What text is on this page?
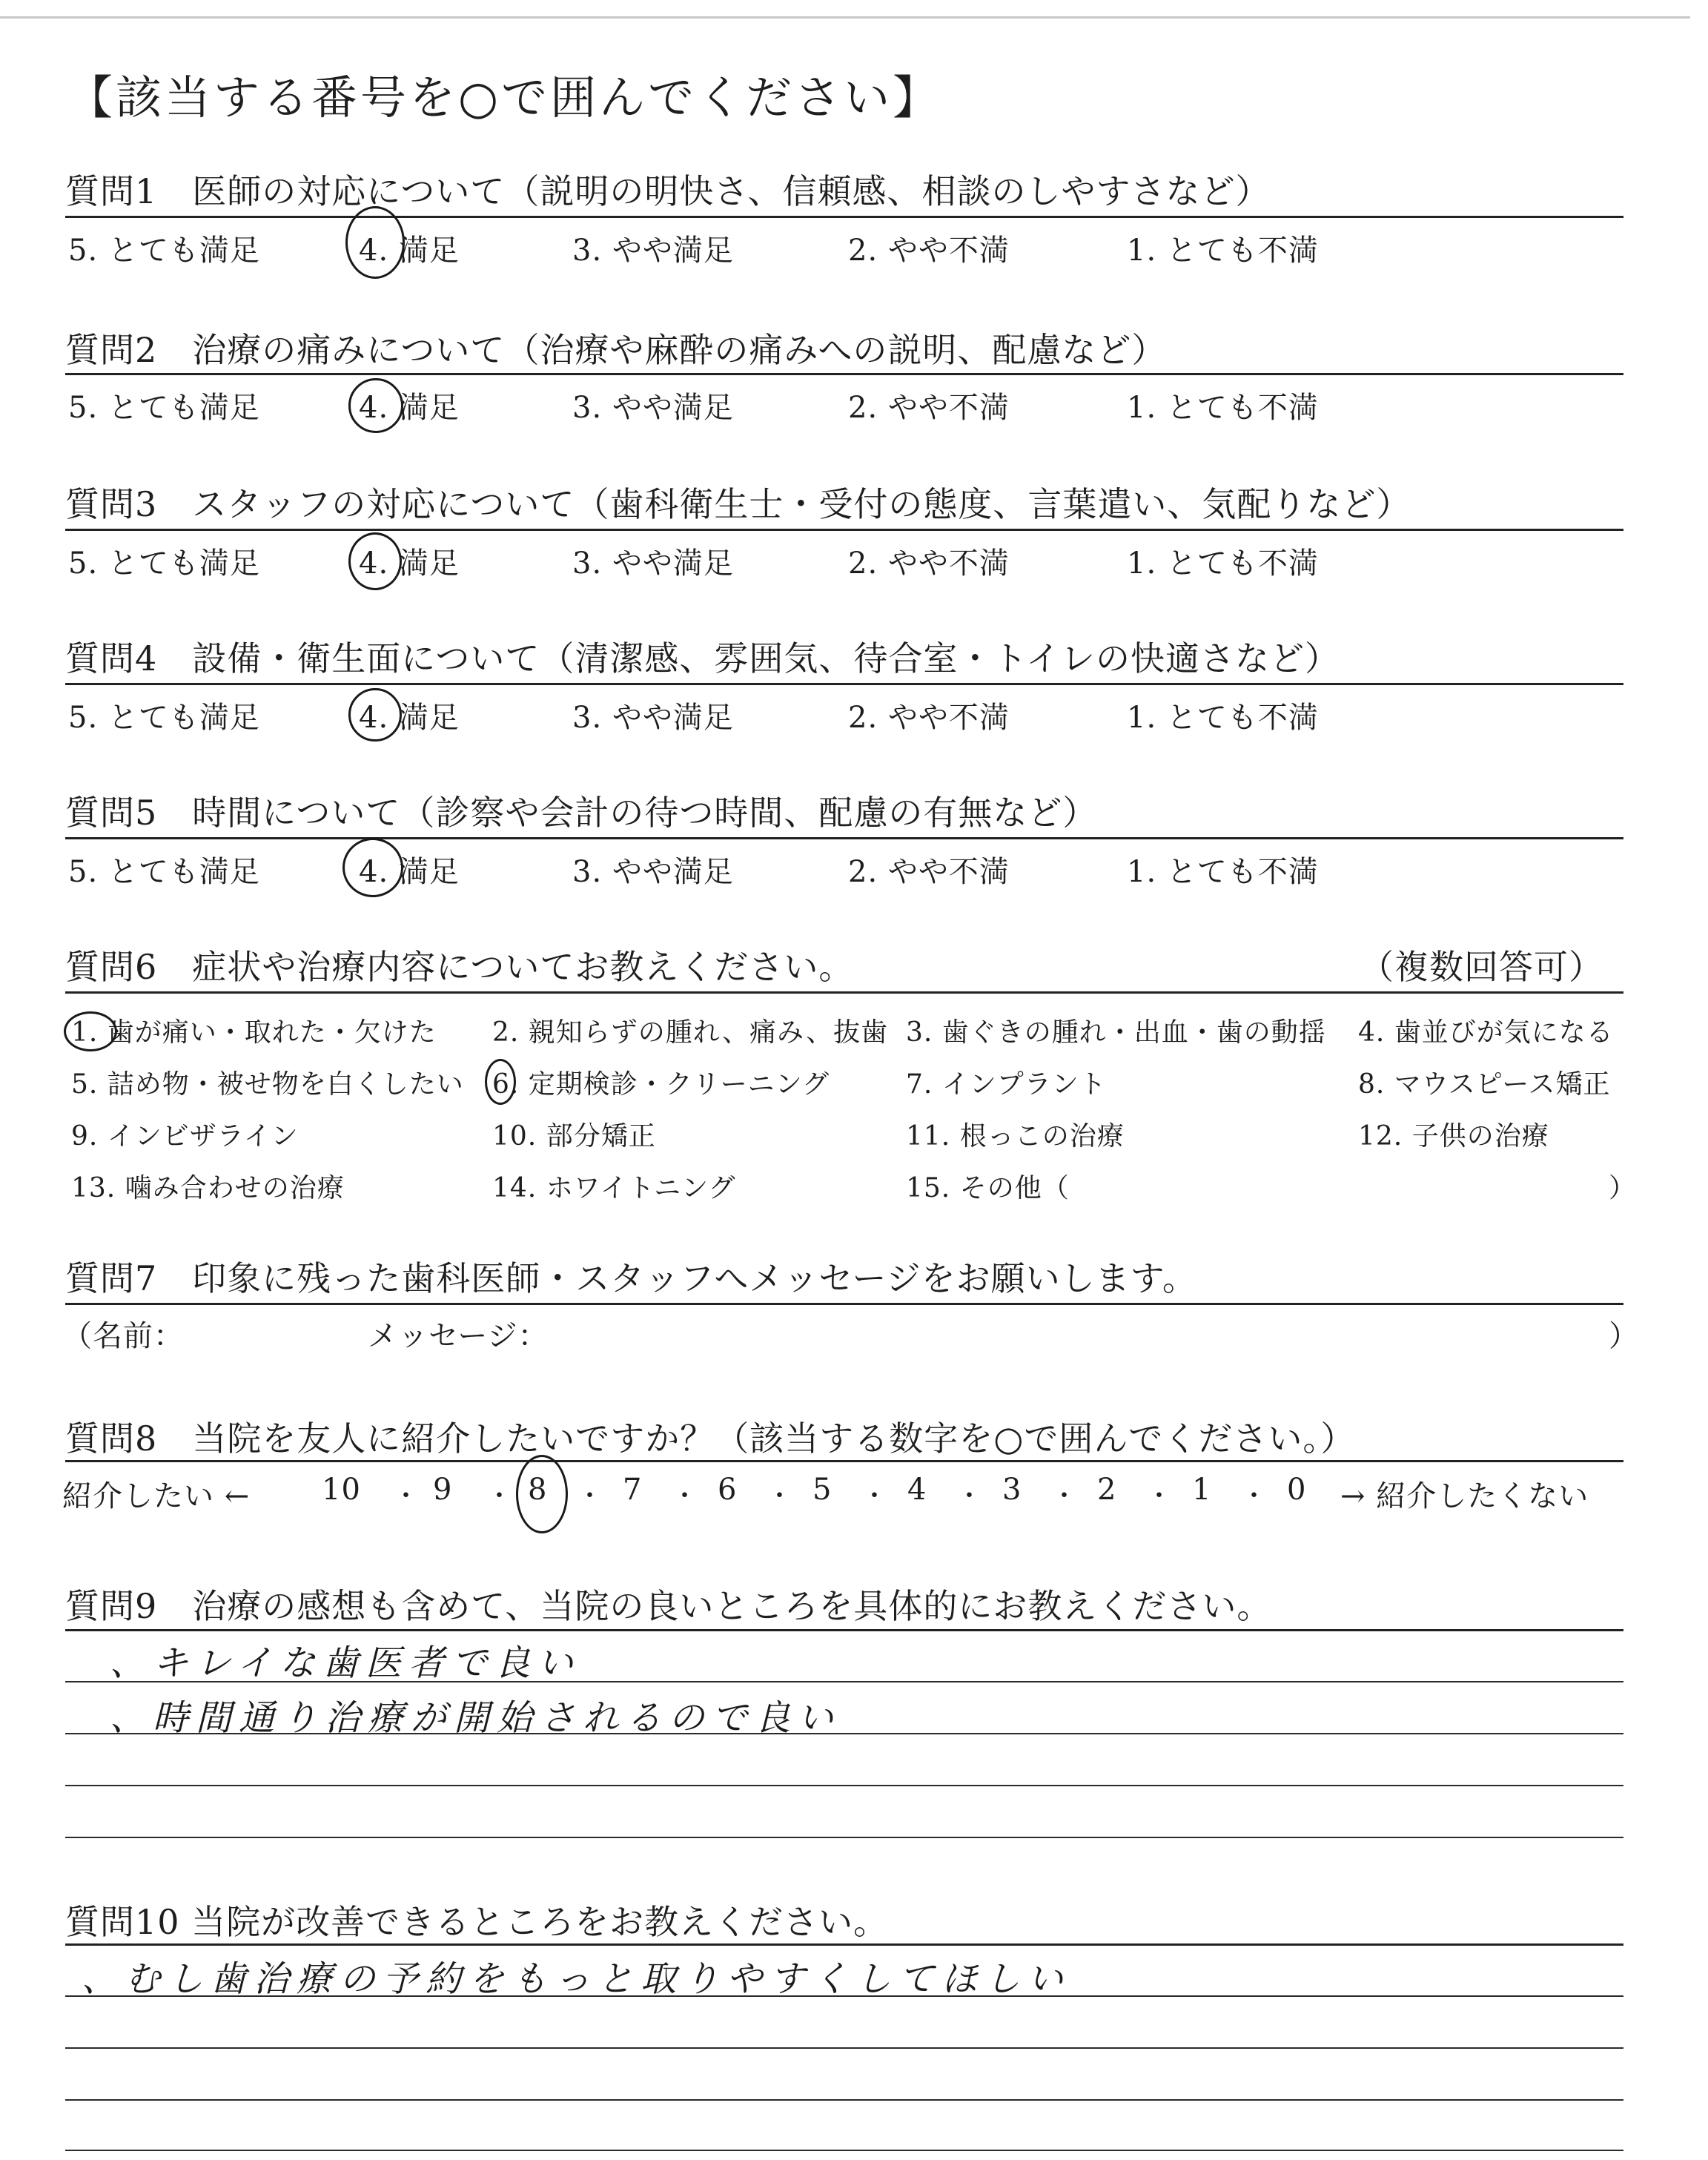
【該当する番号を○で囲んでください】
質問1　医師の対応について（説明の明快さ、信頼感、相談のしやすさなど）
5. とても満足	4. 満足	3. やや満足	2. やや不満	1. とても不満
質問2　治療の痛みについて（治療や麻酔の痛みへの説明、配慮など）
5. とても満足	4. 満足	3. やや満足	2. やや不満	1. とても不満
質問3　スタッフの対応について（歯科衛生士・受付の態度、言葉遣い、気配りなど）
5. とても満足	4. 満足	3. やや満足	2. やや不満	1. とても不満
質問4　設備・衛生面について（清潔感、雰囲気、待合室・トイレの快適さなど）
5. とても満足	4. 満足	3. やや満足	2. やや不満	1. とても不満
質問5　時間について（診察や会計の待つ時間、配慮の有無など）
5. とても満足	4. 満足	3. やや満足	2. やや不満	1. とても不満
質問6　症状や治療内容についてお教えください。	（複数回答可）
1. 歯が痛い・取れた・欠けた 2. 親知らずの腫れ、痛み、抜歯 3. 歯ぐきの腫れ・出血・歯の動揺 4. 歯並びが気になる
5. 詰め物・被せ物を白くしたい 6. 定期検診・クリーニング	7. インプラント	8. マウスピース矯正
9. インビザライン	10. 部分矯正	11. 根っこの治療	12. 子供の治療
13. 噛み合わせの治療	14. ホワイトニング	15. その他（	）
質問7　印象に残った歯科医師・スタッフへメッセージをお願いします。
（名前：	メッセージ：	）
質問8　当院を友人に紹介したいですか？（該当する数字を○で囲んでください。）
紹介したい ← 10 ・ 9 ・ 8 ・ 7 ・ 6 ・ 5 ・ 4 ・ 3 ・ 2 ・ 1 ・ 0 → 紹介したくない
質問9　治療の感想も含めて、当院の良いところを具体的にお教えください。
、キレイな歯医者で良い
、時間通り治療が開始されるので良い
質問10 当院が改善できるところをお教えください。
、むし歯治療の予約をもっと取りやすくしてほしい
